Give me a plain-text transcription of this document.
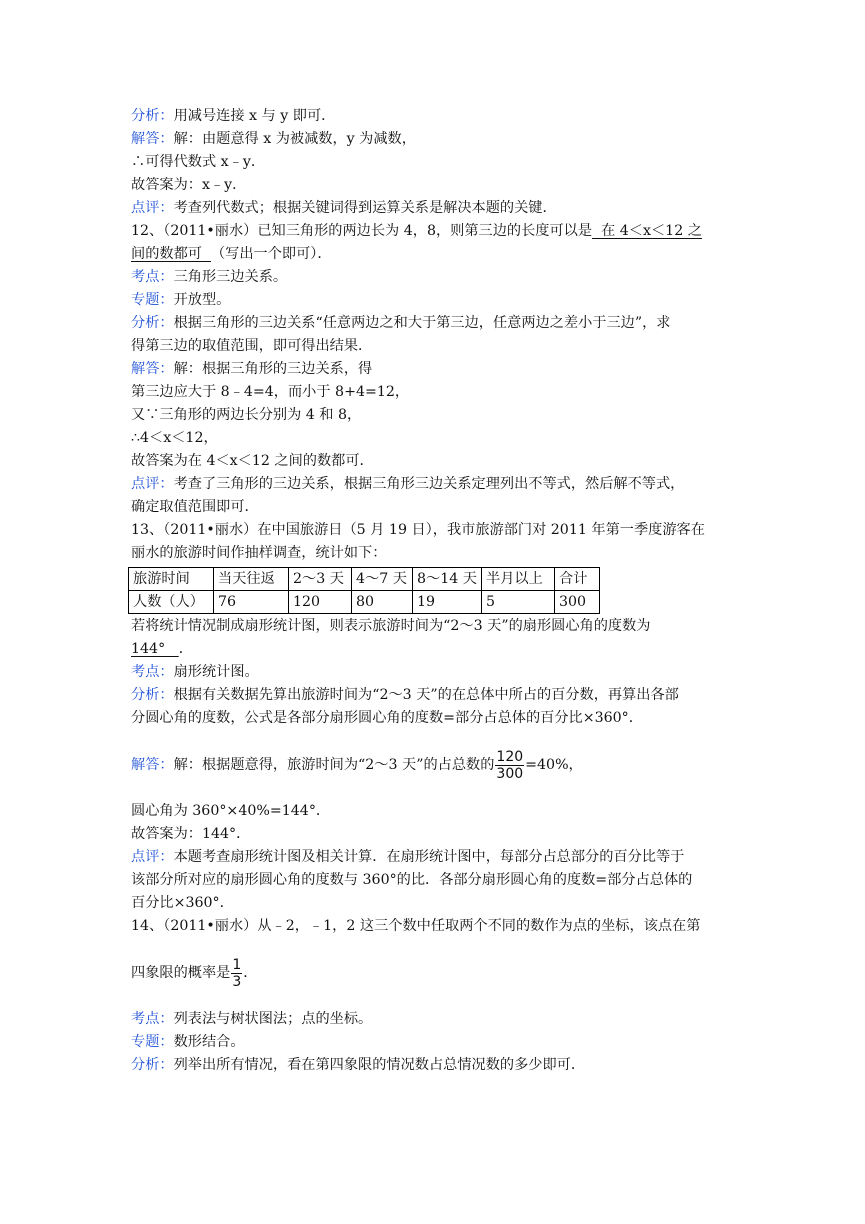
分析：用减号连接 x 与 y 即可．
解答：解：由题意得 x 为被减数，y 为减数，
∴可得代数式 x﹣y．
故答案为：x﹣y．
点评：考查列代数式；根据关键词得到运算关系是解决本题的关键．
12、（2011•丽水）已知三角形的两边长为 4，8，则第三边的长度可以是  在 4＜x＜12 之
间的数都可  （写出一个即可）．
考点：三角形三边关系。
专题：开放型。
分析：根据三角形的三边关系“任意两边之和大于第三边，任意两边之差小于三边”，求
得第三边的取值范围，即可得出结果．
解答：解：根据三角形的三边关系，得
第三边应大于 8﹣4=4，而小于 8+4=12，
又∵三角形的两边长分别为 4 和 8，
∴4＜x＜12，
故答案为在 4＜x＜12 之间的数都可．
点评：考查了三角形的三边关系，根据三角形三边关系定理列出不等式，然后解不等式，
确定取值范围即可．
13、（2011•丽水）在中国旅游日（5 月 19 日），我市旅游部门对 2011 年第一季度游客在
丽水的旅游时间作抽样调查，统计如下：
旅游时间	当天往返	2～3 天	4～7 天	8～14 天	半月以上	合计
人数（人）	76	120	80	19	5	300
若将统计情况制成扇形统计图，则表示旅游时间为“2～3 天”的扇形圆心角的度数为
144°   ．
考点：扇形统计图。
分析：根据有关数据先算出旅游时间为“2～3 天”的在总体中所占的百分数，再算出各部
分圆心角的度数，公式是各部分扇形圆心角的度数=部分占总体的百分比×360°．
解答：解：根据题意得，旅游时间为“2～3 天”的占总数的 $\frac{120}{300} =40\%$，
圆心角为 360°×40%=144°．
故答案为：144°．
点评：本题考查扇形统计图及相关计算．在扇形统计图中，每部分占总部分的百分比等于
该部分所对应的扇形圆心角的度数与 360°的比．各部分扇形圆心角的度数=部分占总体的
百分比×360°．
14、（2011•丽水）从﹣2，﹣1，2 这三个数中任取两个不同的数作为点的坐标，该点在第
四象限的概率是 $\frac{1}{3}$ ．
考点：列表法与树状图法；点的坐标。
专题：数形结合。
分析：列举出所有情况，看在第四象限的情况数占总情况数的多少即可．
